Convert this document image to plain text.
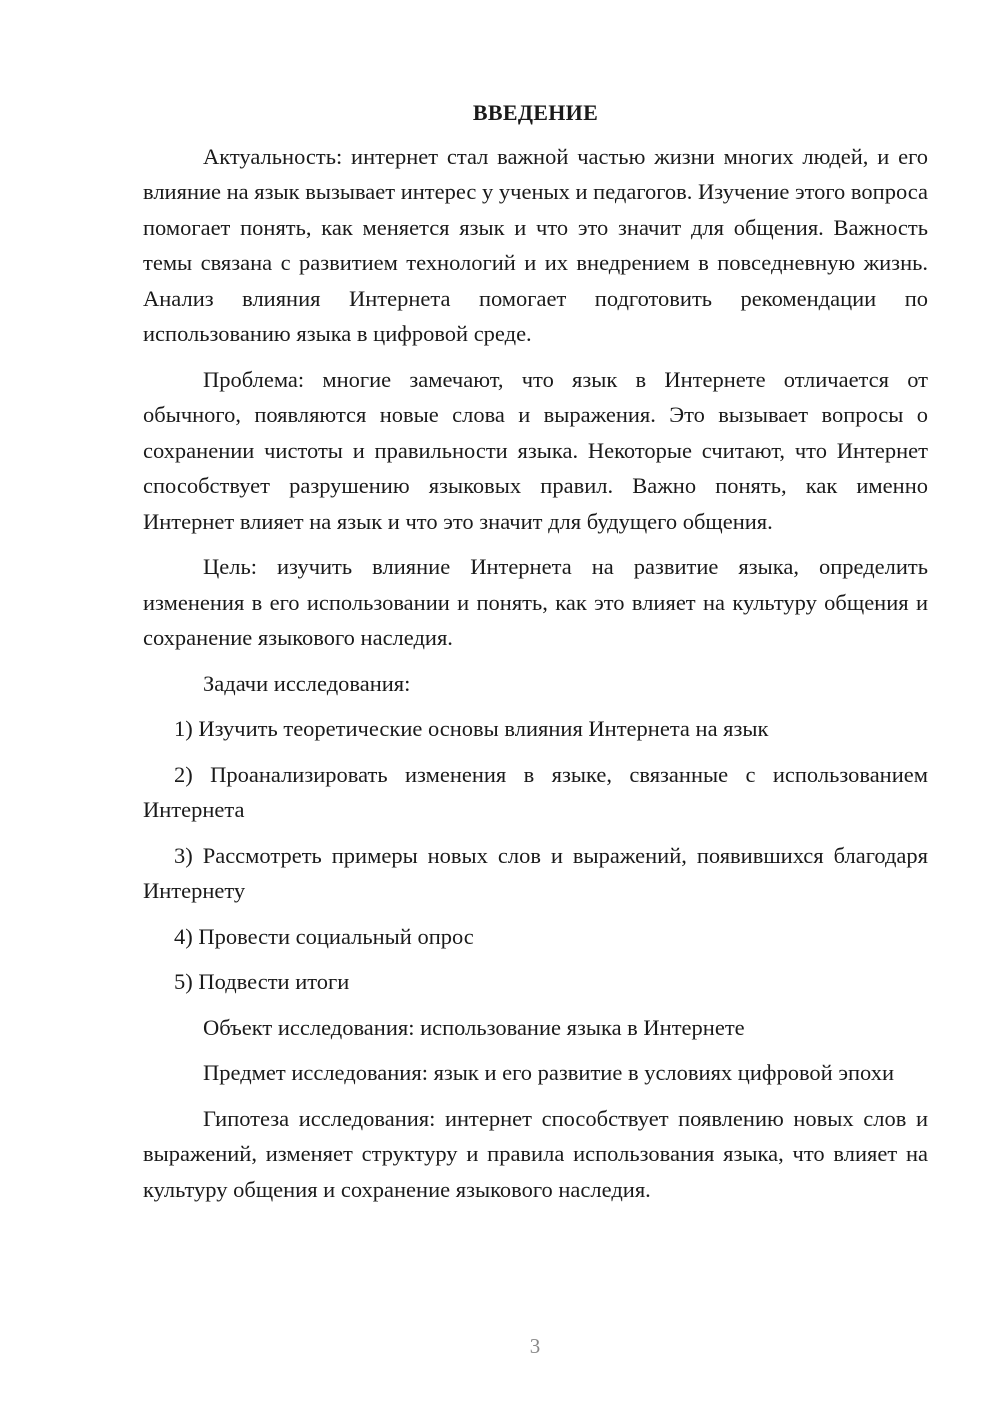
ВВЕДЕНИЕ

Актуальность: интернет стал важной частью жизни многих людей, и его влияние на язык вызывает интерес у ученых и педагогов. Изучение этого вопроса помогает понять, как меняется язык и что это значит для общения. Важность темы связана с развитием технологий и их внедрением в повседневную жизнь. Анализ влияния Интернета помогает подготовить рекомендации по использованию языка в цифровой среде.

Проблема: многие замечают, что язык в Интернете отличается от обычного, появляются новые слова и выражения. Это вызывает вопросы о сохранении чистоты и правильности языка. Некоторые считают, что Интернет способствует разрушению языковых правил. Важно понять, как именно Интернет влияет на язык и что это значит для будущего общения.

Цель: изучить влияние Интернета на развитие языка, определить изменения в его использовании и понять, как это влияет на культуру общения и сохранение языкового наследия.

Задачи исследования:

1) Изучить теоретические основы влияния Интернета на язык

2) Проанализировать изменения в языке, связанные с использованием Интернета

3) Рассмотреть примеры новых слов и выражений, появившихся благодаря Интернету

4) Провести социальный опрос

5) Подвести итоги

Объект исследования: использование языка в Интернете

Предмет исследования: язык и его развитие в условиях цифровой эпохи

Гипотеза исследования: интернет способствует появлению новых слов и выражений, изменяет структуру и правила использования языка, что влияет на культуру общения и сохранение языкового наследия.

3
